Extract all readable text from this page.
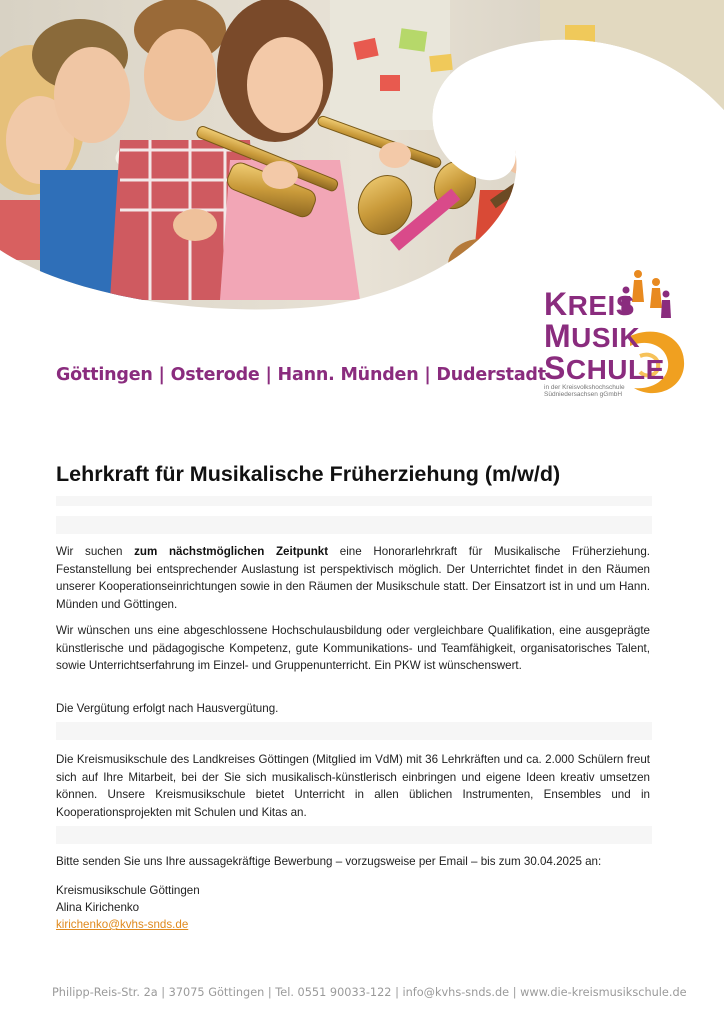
KREIS
MUSIK
SCHULE
in der Kreisvolkshochschule
Südniedersachsen gGmbH
Göttingen | Osterode | Hann. Münden | Duderstadt
Lehrkraft für Musikalische Früherziehung (m/w/d)

Wir suchen zum nächstmöglichen Zeitpunkt eine Honorarlehrkraft für Musikalische Früherziehung. Festanstellung bei entsprechender Auslastung ist perspektivisch möglich. Der Unterrichtet findet in den Räumen unserer Kooperationseinrichtungen sowie in den Räumen der Musikschule statt. Der Einsatzort ist in und um Hann. Münden und Göttingen.

Wir wünschen uns eine abgeschlossene Hochschulausbildung oder vergleichbare Qualifikation, eine ausgeprägte künstlerische und pädagogische Kompetenz, gute Kommunikations- und Teamfähigkeit, organisatorisches Talent, sowie Unterrichtserfahrung im Einzel- und Gruppenunterricht. Ein PKW ist wünschenswert.

Die Vergütung erfolgt nach Hausvergütung.

Die Kreismusikschule des Landkreises Göttingen (Mitglied im VdM) mit 36 Lehrkräften und ca. 2.000 Schülern freut sich auf Ihre Mitarbeit, bei der Sie sich musikalisch-künstlerisch einbringen und eigene Ideen kreativ umsetzen können. Unsere Kreismusikschule bietet Unterricht in allen üblichen Instrumenten, Ensembles und in Kooperationsprojekten mit Schulen und Kitas an.

Bitte senden Sie uns Ihre aussagekräftige Bewerbung – vorzugsweise per Email – bis zum 30.04.2025 an:
Kreismusikschule Göttingen
Alina Kirichenko
kirichenko@kvhs-snds.de
Philipp-Reis-Str. 2a | 37075 Göttingen | Tel. 0551 90033-122 | info@kvhs-snds.de | www.die-kreismusikschule.de
